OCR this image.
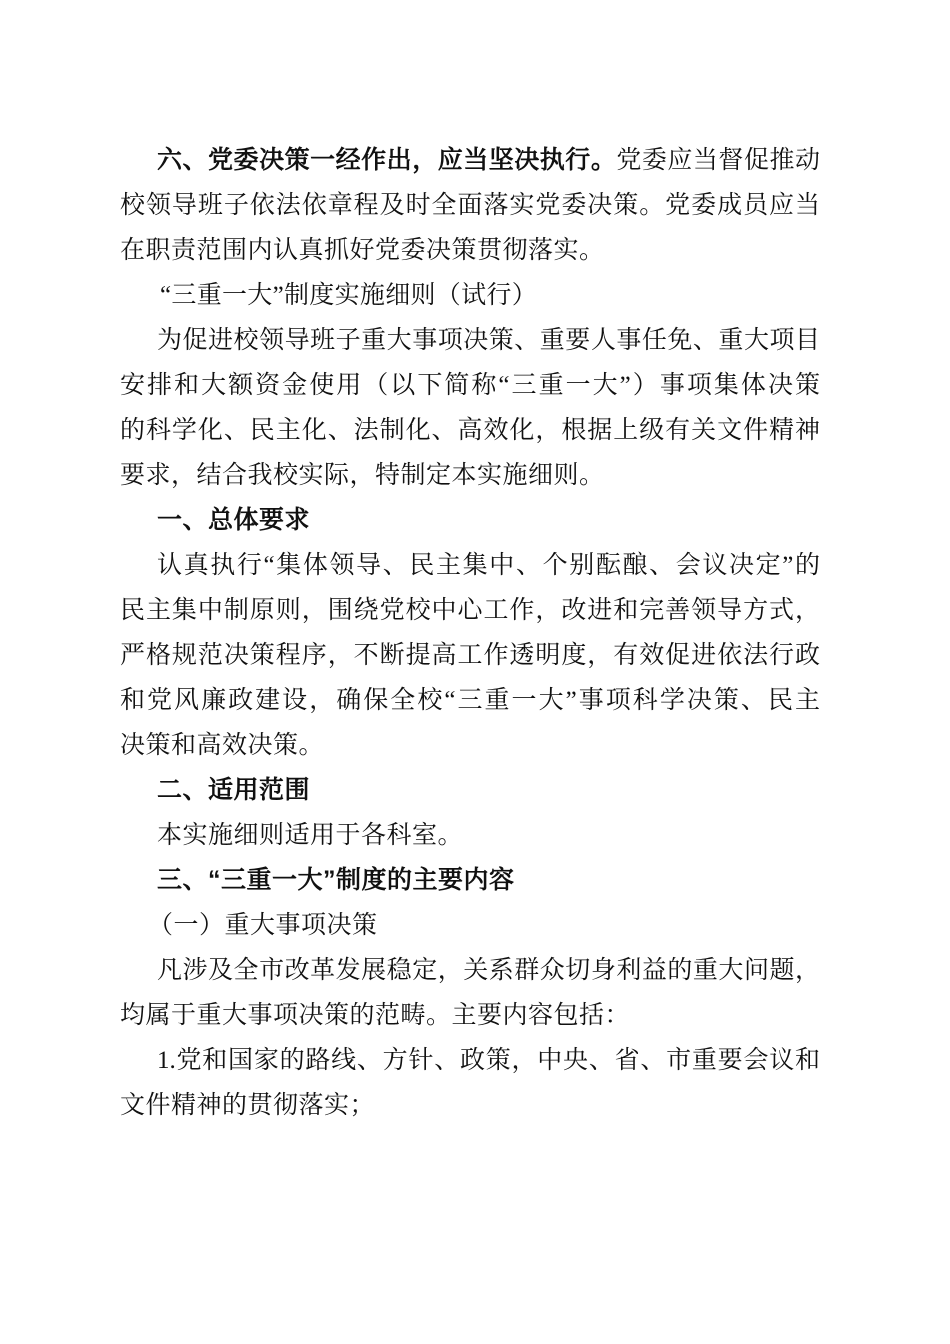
六、党委决策一经作出，应当坚决执行。党委应当督促推动
校领导班子依法依章程及时全面落实党委决策。党委成员应当
在职责范围内认真抓好党委决策贯彻落实。
“三重一大”制度实施细则（试行）
为促进校领导班子重大事项决策、重要人事任免、重大项目
安排和大额资金使用（以下简称“三重一大”）事项集体决策
的科学化、民主化、法制化、高效化，根据上级有关文件精神
要求，结合我校实际，特制定本实施细则。
一、总体要求
认真执行“集体领导、民主集中、个别酝酿、会议决定”的
民主集中制原则，围绕党校中心工作，改进和完善领导方式，
严格规范决策程序，不断提高工作透明度，有效促进依法行政
和党风廉政建设，确保全校“三重一大”事项科学决策、民主
决策和高效决策。
二、适用范围
本实施细则适用于各科室。
三、“三重一大”制度的主要内容
（一）重大事项决策
凡涉及全市改革发展稳定，关系群众切身利益的重大问题，
均属于重大事项决策的范畴。主要内容包括：
1.党和国家的路线、方针、政策，中央、省、市重要会议和
文件精神的贯彻落实；
